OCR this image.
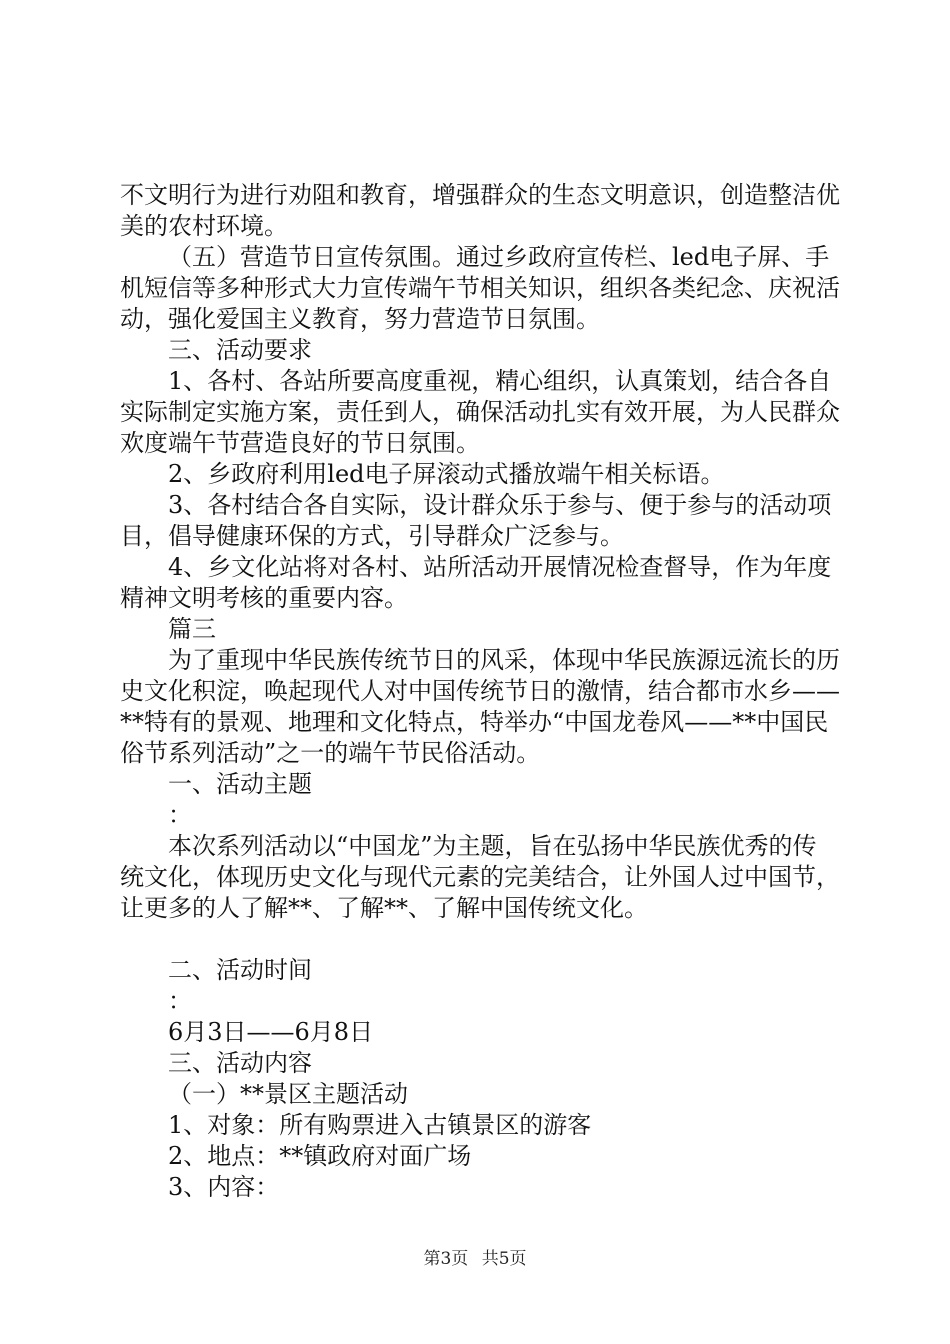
不文明行为进行劝阻和教育，增强群众的生态文明意识，创造整洁优美的农村环境。

（五）营造节日宣传氛围。通过乡政府宣传栏、led电子屏、手机短信等多种形式大力宣传端午节相关知识，组织各类纪念、庆祝活动，强化爱国主义教育，努力营造节日氛围。

三、活动要求

1、各村、各站所要高度重视，精心组织，认真策划，结合各自实际制定实施方案，责任到人，确保活动扎实有效开展，为人民群众欢度端午节营造良好的节日氛围。

2、乡政府利用led电子屏滚动式播放端午相关标语。

3、各村结合各自实际，设计群众乐于参与、便于参与的活动项目，倡导健康环保的方式，引导群众广泛参与。

4、乡文化站将对各村、站所活动开展情况检查督导，作为年度精神文明考核的重要内容。

篇三

为了重现中华民族传统节日的风采，体现中华民族源远流长的历史文化积淀，唤起现代人对中国传统节日的激情，结合都市水乡——**特有的景观、地理和文化特点，特举办“中国龙卷风——**中国民俗节系列活动”之一的端午节民俗活动。

一、活动主题

：

本次系列活动以“中国龙”为主题，旨在弘扬中华民族优秀的传统文化，体现历史文化与现代元素的完美结合，让外国人过中国节，让更多的人了解**、了解**、了解中国传统文化。

二、活动时间

：

6月3日——6月8日

三、活动内容

（一）**景区主题活动

1、对象：所有购票进入古镇景区的游客

2、地点：**镇政府对面广场

3、内容：

第3页 共5页
